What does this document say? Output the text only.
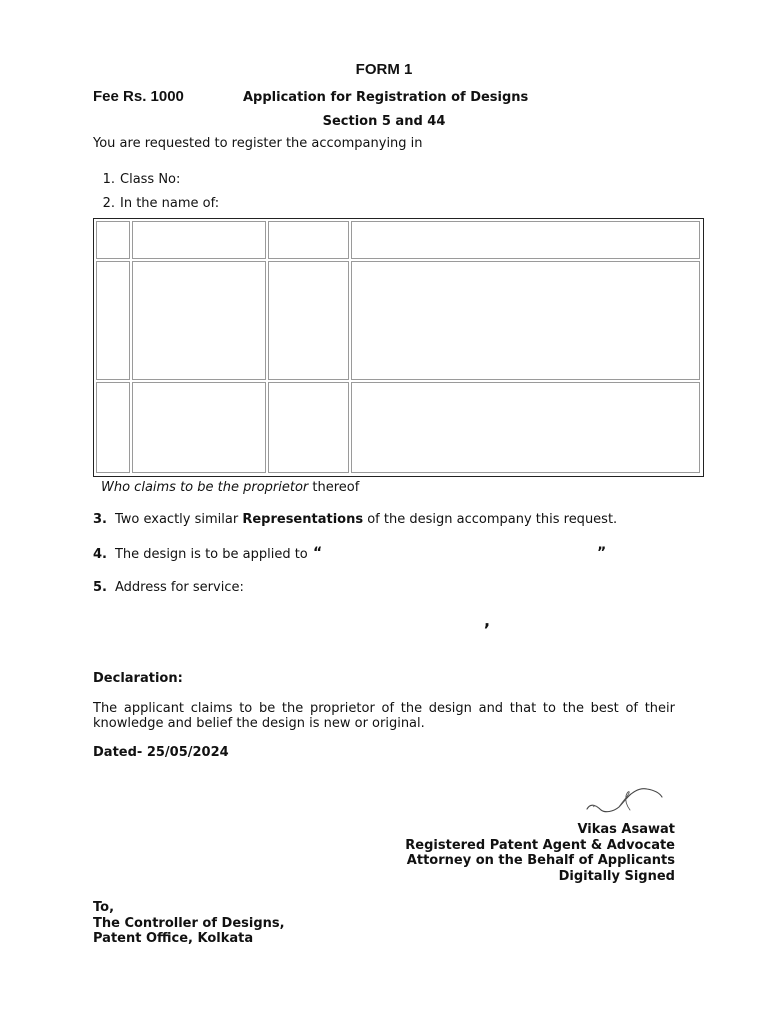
FORM 1
Fee Rs. 1000	Application for Registration of Designs
Section 5 and 44
You are requested to register the accompanying in
1. Class No:
2. In the name of:
Who claims to be the proprietor thereof
3. Two exactly similar Representations of the design accompany this request.
4. The design is to be applied to “	”
5. Address for service:
,
Declaration:
The applicant claims to be the proprietor of the design and that to the best of their knowledge and belief the design is new or original.
Dated- 25/05/2024
Vikas Asawat
Registered Patent Agent & Advocate
Attorney on the Behalf of Applicants
Digitally Signed
To,
The Controller of Designs,
Patent Office, Kolkata
